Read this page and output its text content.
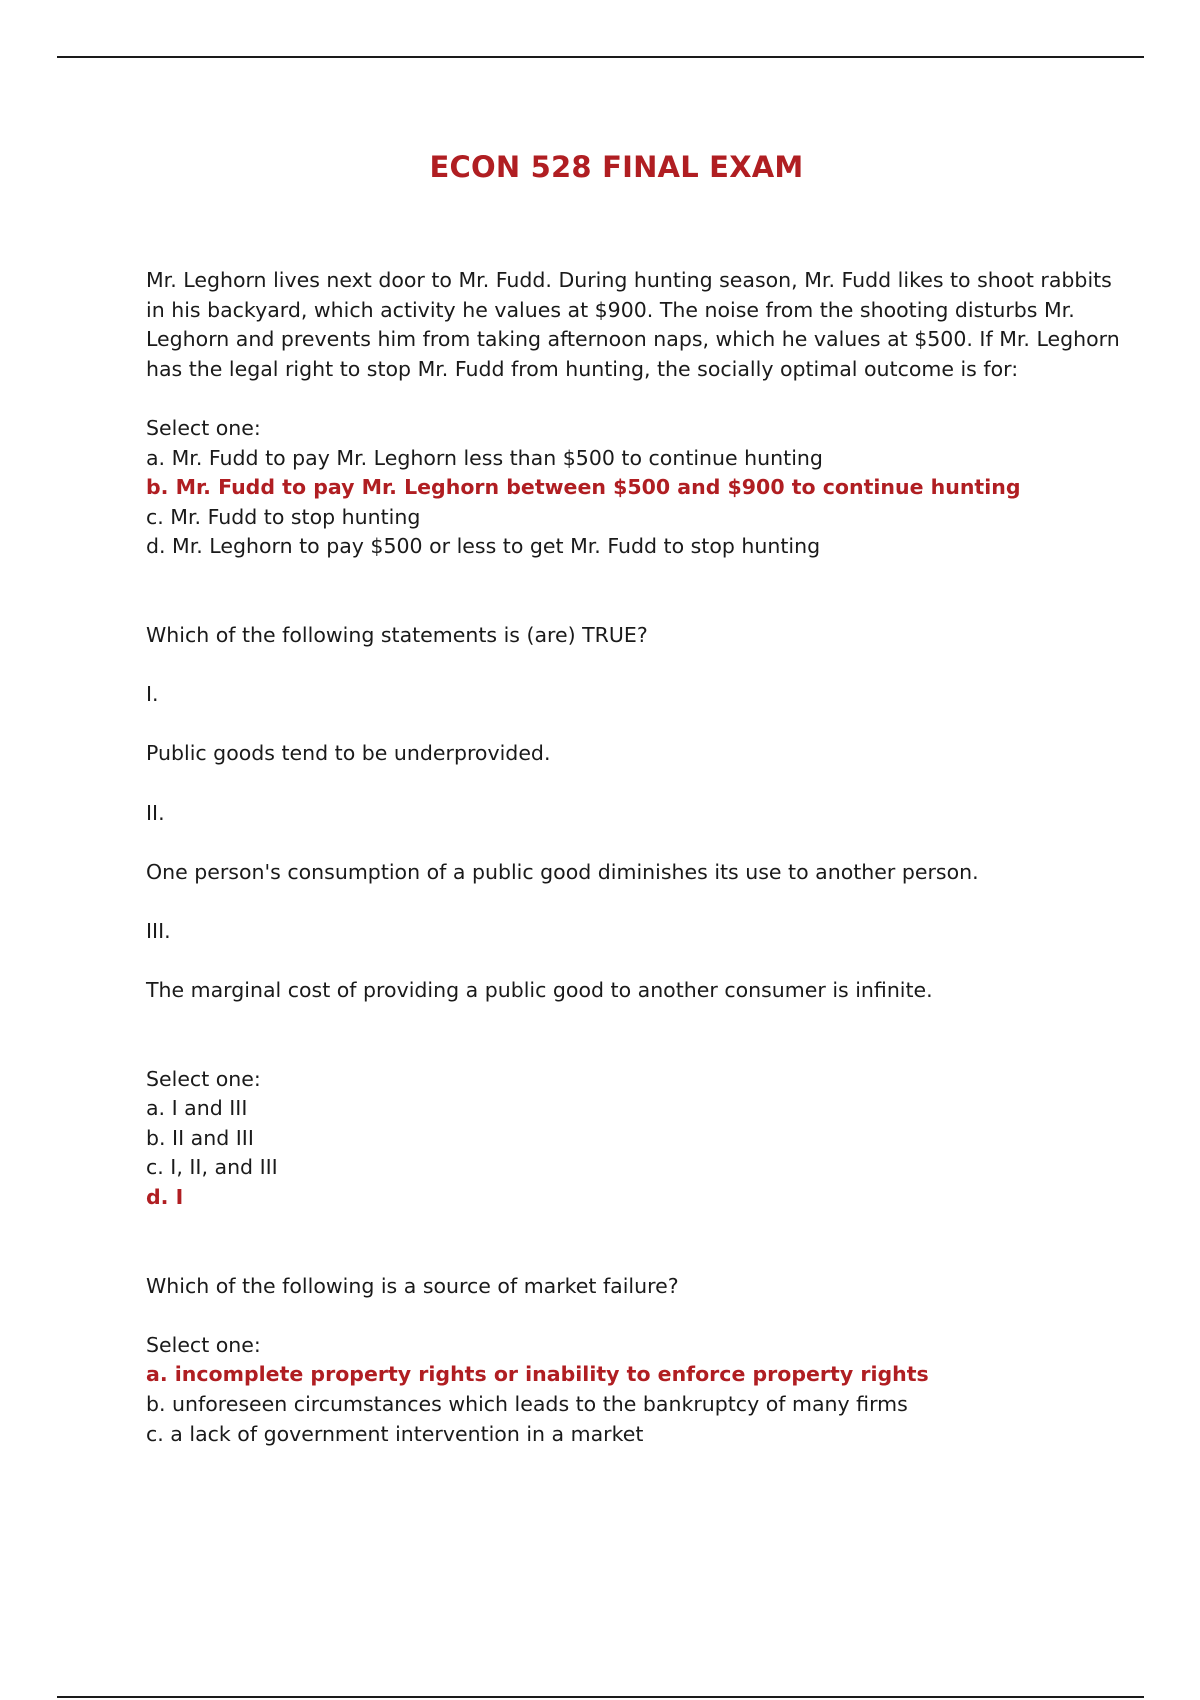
ECON 528 FINAL EXAM
Mr. Leghorn lives next door to Mr. Fudd. During hunting season, Mr. Fudd likes to shoot rabbits
in his backyard, which activity he values at $900. The noise from the shooting disturbs Mr.
Leghorn and prevents him from taking afternoon naps, which he values at $500. If Mr. Leghorn
has the legal right to stop Mr. Fudd from hunting, the socially optimal outcome is for:
Select one:
a. Mr. Fudd to pay Mr. Leghorn less than $500 to continue hunting
b. Mr. Fudd to pay Mr. Leghorn between $500 and $900 to continue hunting
c. Mr. Fudd to stop hunting
d. Mr. Leghorn to pay $500 or less to get Mr. Fudd to stop hunting
Which of the following statements is (are) TRUE?
I.
Public goods tend to be underprovided.
II.
One person's consumption of a public good diminishes its use to another person.
III.
The marginal cost of providing a public good to another consumer is infinite.
Select one:
a. I and III
b. II and III
c. I, II, and III
d. I
Which of the following is a source of market failure?
Select one:
a. incomplete property rights or inability to enforce property rights
b. unforeseen circumstances which leads to the bankruptcy of many firms
c. a lack of government intervention in a market
